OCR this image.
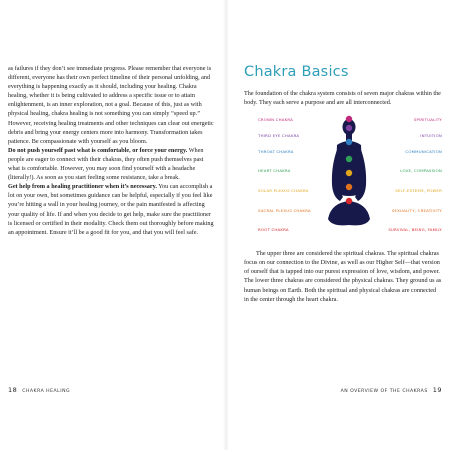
as failures if they don’t see immediate progress. Please remember that everyone is different, everyone has their own perfect timeline of their personal unfolding, and everything is happening exactly as it should, including your healing. Chakra healing, whether it is being cultivated to address a specific issue or to attain enlightenment, is an inner exploration, not a goal. Because of this, just as with physical healing, chakra healing is not something you can simply “speed up.” However, receiving healing treatments and other techniques can clear out energetic debris and bring your energy centers more into harmony. Transformation takes patience. Be compassionate with yourself as you bloom.

Do not push yourself past what is comfortable, or force your energy. When people are eager to connect with their chakras, they often push themselves past what is comfortable. However, you may soon find yourself with a headache (literally!). As soon as you start feeling some resistance, take a break.

Get help from a healing practitioner when it’s necessary. You can accomplish a lot on your own, but sometimes guidance can be helpful, especially if you feel like you’re hitting a wall in your healing journey, or the pain manifested is affecting your quality of life. If and when you decide to get help, make sure the practitioner is licensed or certified in their modality. Check them out thoroughly before making an appointment. Ensure it’ll be a good fit for you, and that you will feel safe.

Chakra Basics

The foundation of the chakra system consists of seven major chakras within the body. They each serve a purpose and are all interconnected.

CROWN CHAKRA
THIRD EYE CHAKRA
THROAT CHAKRA
HEART CHAKRA
SOLAR PLEXUS CHAKRA
SACRAL PLEXUS CHAKRA
ROOT CHAKRA
SPIRITUALITY
INTUITION
COMMUNICATION
LOVE, COMPASSION
SELF-ESTEEM, POWER
SEXUALITY, CREATIVITY
SURVIVAL, BEING, FAMILY

The upper three are considered the spiritual chakras. The spiritual chakras focus on our connection to the Divine, as well as our Higher Self—that version of ourself that is tapped into our purest expression of love, wisdom, and power. The lower three chakras are considered the physical chakras. They ground us as human beings on Earth. Both the spiritual and physical chakras are connected in the center through the heart chakra.

18 CHAKRA HEALING	AN OVERVIEW OF THE CHAKRAS 19
